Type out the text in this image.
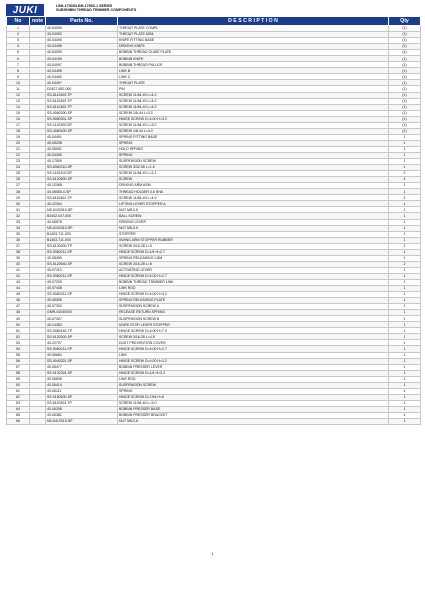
JUKI	LBH-1790S/LBH-1795S-1 SERIES
SUBSHIBIN THREAD TRIMMER COMPONENTS
No	note	Parts No.	D E S C R I P T I O N	Qty
1		40-04050	THROAT PLATE COMPL	(1)
2		40-04052	THROAT PLATE ASM.	(1)
3		40-04490	KNIFE FITTING BASE	(1)
4		40-04498	DRIVING KNIFE	(1)
5		40-04099	BOBBIN THREAD GUIDE PLATE	(1)
6		40-04199	BOBBIN KNIFE	(1)
7		40-04097	BOBBIN THREAD PULLER	(1)
8		40-04495	LINK B	(1)
9		40-04492	LINK C	(1)
10		40-04497	THROAT PLATE	(1)
11		D2427-552-000	PIN	(1)
12		SS-6110400-TP	SCREW 11/64-40 L=4.0	(1)
13		SS-6110400-TP	SCREW 11/64-40 L=4.0	(1)
14		SS-6110400-TP	SCREW 11/64-40 L=4.0	(1)
15		SS-4060300-SP	SCREW 1/8-44 L=3.0	(1)
16		SS-9060301-SP	HINGE SCREW D=4.00 H=3.2	(1)
17		SS-1110300-SP	SCREW 11/64-40 L=3.0	(1)
18		SS-4060400-SP	SCREW 1/8-44 L=4.0	(1)
19		40-04491	SPRING FITTING BASE	1
20		40-05208	SPRING	1
21		40-05051	HOLD SPRING	1
22		40-04395	SPRING	1
23		40-17509	SUSPENSION SCREW	1
24		SS-6060210-SP	SCREW 3/32-56 L=1.6	1
25		SS-1110310-SP	SCREW 11/64-40 L=3.1	2
26		SS-6120600-SP	SCREW	4
27		40-12068	DRIVING ARM ASM.	1
28		40-06080-0-SP	THREAD HOLDER 0.6 SHA	1
29		SS-6110402-TP	SCREW 11/64-40 L=4.0	2
30		40-22394	LIFTING LEVER STOPPER A	1
31		NS-6100310-SP	NUT M5-0.6	1
32		B2402-047-000	BALL SCREW	1
33		40-06578	DRIVING LEVER	1
34		NS-6100310-SP	NUT M5-0.6	1
35		B1403-711-000	STOPPER	1
36		B1403-711-000	SWING ARM STOPPER RUBBER	1
37		SS-6120300-TP	SCREW 3/16-28 L=3	2
38		SS-9060211-SP	HINGE SCREW D=1/4 H=2.7	1
39		40-08499	SPRING RELEASING CAM	1
40		SS-6120640-SP	SCREW 3/16-28 L=6	2
41		40-07110	ACTIVATING LEVER	1
42		SS-9060211-SP	HINGE SCREW D=4.00 H=2.7	1
43		40-07209	BOBBIN THREAD TRIMMER LINK	1
44		40-07408	LINK ROD	1
45		SS-9060311-SP	HINGE SCREW D=4.00 H=3.2	1
46		40-05305	SPRING RELEASING PLATE	1
47		40-07302	SUSPENSION SCREW A	1
48		GMR-01030000	RELEASE RETURN SPRING	1
49		40-07307	SUSPENSION SCREW B	1
50		40-14383	KNIFE STOP LEVER STOPPER	1
51		SS-9060162-TP	HINGE SCREW D=4.00 H=7.0	1
52		SS-6120300-SP	SCREW 3/16-28 L=4.5	1
53		40-22707	DUST PREVENTION COVER	1
54		SS-9060211-SP	HINGE SCREW D=4.00 H=2.7	1
55		40-06684	LINK	1
56		SS-9040321-SP	HINGE SCREW D=4.00 H=3.2	2
57		40-06477	BOBBIN PRESSER LEVER	1
58		SS-9130324-SP	HINGE SCREW D=1/4 H=3.2	1
59		40-06696	LINK ROD	1
60		40-06414	SUSPENSION SCREW	1
61		40-06111	SPRING	1
62		SS-9160500-SP	HINGE SCREW D=7/64 H=5	1
63		SS-6110303-TP	SCREW 11/64-40 L=3.0	1
64		40-06258	BOBBIN PRESSER BASE	1
65		40-06381	BOBBIN PRESSER BRACKET	1
66		NS-6410010-SP	NUT M5-0.6	1
1
